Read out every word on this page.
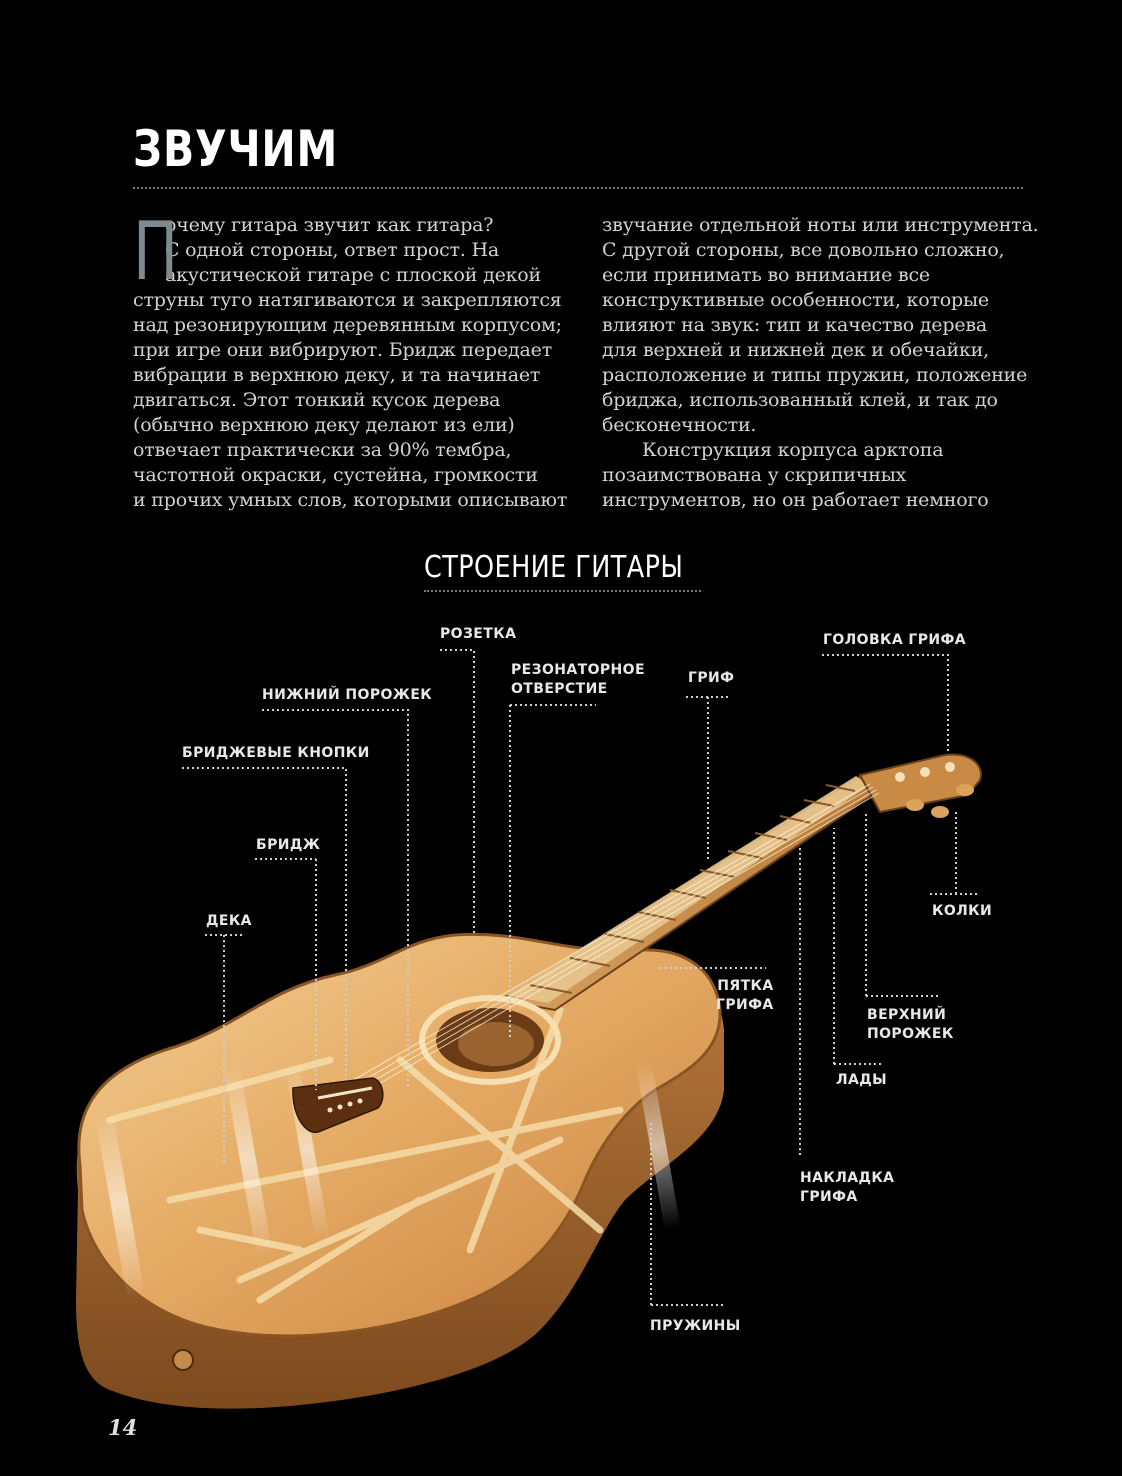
ЗВУЧИМ
П
очему гитара звучит как гитара?
С одной стороны, ответ прост. На
акустической гитаре с плоской декой
струны туго натягиваются и закрепляются
над резонирующим деревянным корпусом;
при игре они вибрируют. Бридж передает
вибрации в верхнюю деку, и та начинает
двигаться. Этот тонкий кусок дерева
(обычно верхнюю деку делают из ели)
отвечает практически за 90% тембра,
частотной окраски, сустейна, громкости
и прочих умных слов, которыми описывают
звучание отдельной ноты или инструмента.
С другой стороны, все довольно сложно,
если принимать во внимание все
конструктивные особенности, которые
влияют на звук: тип и качество дерева
для верхней и нижней дек и обечайки,
расположение и типы пружин, положение
бриджа, использованный клей, и так до
бесконечности.
Конструкция корпуса арктопа
позаимствована у скрипичных
инструментов, но он работает немного
СТРОЕНИЕ ГИТАРЫ
РОЗЕТКА	ГОЛОВКА ГРИФА
РЕЗОНАТОРНОЕ
ОТВЕРСТИЕ
ГРИФ
НИЖНИЙ ПОРОЖЕК
БРИДЖЕВЫЕ КНОПКИ
БРИДЖ
ДЕКА
КОЛКИ
ПЯТКА
ГРИФА
ВЕРХНИЙ
ПОРОЖЕК
ЛАДЫ
НАКЛАДКА
ГРИФА
ПРУЖИНЫ
14
